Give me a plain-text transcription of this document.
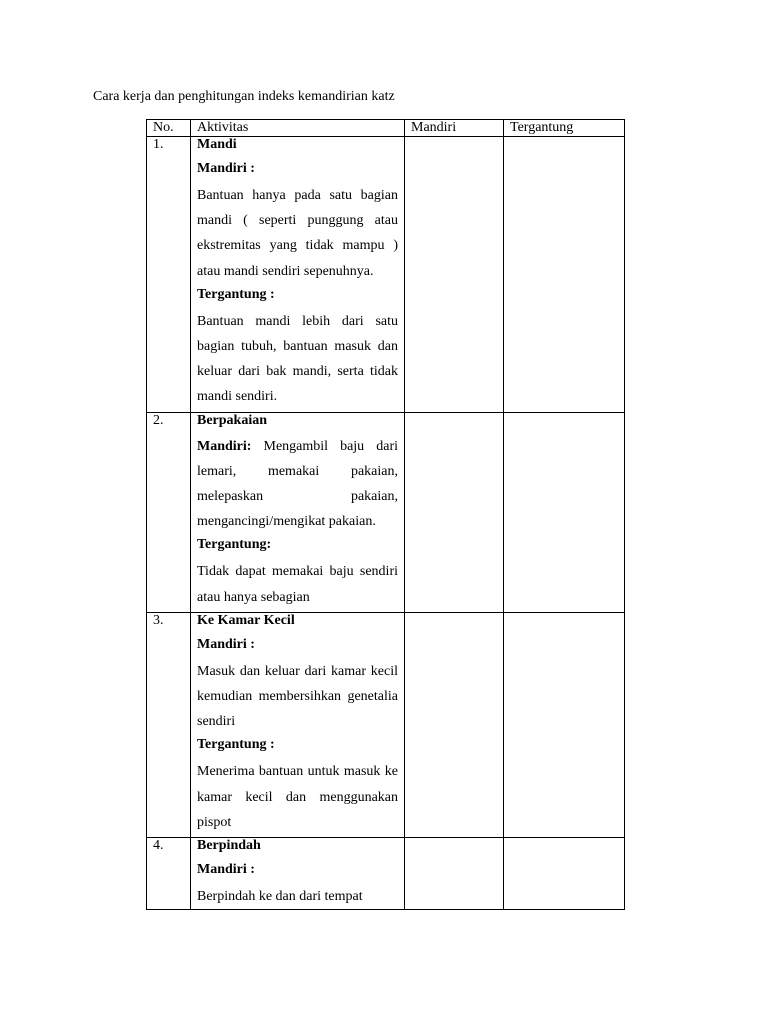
Cara kerja dan penghitungan indeks kemandirian katz
No.	Aktivitas	Mandiri	Tergantung
1.	Mandi

Mandiri :

Bantuan hanya pada satu bagian mandi ( seperti punggung atau ekstremitas yang tidak mampu ) atau mandi sendiri sepenuhnya.

Tergantung :

Bantuan mandi lebih dari satu bagian tubuh, bantuan masuk dan keluar dari bak mandi, serta tidak mandi sendiri.		

2.	Berpakaian

Mandiri: Mengambil baju dari lemari, memakai pakaian, melepaskan pakaian, mengancingi/mengikat pakaian.

Tergantung:

Tidak dapat memakai baju sendiri atau hanya sebagian		

3.	Ke Kamar Kecil

Mandiri :

Masuk dan keluar dari kamar kecil kemudian membersihkan genetalia sendiri

Tergantung :

Menerima bantuan untuk masuk ke kamar kecil dan menggunakan pispot		

4.	Berpindah

Mandiri :

Berpindah ke dan dari tempat		
